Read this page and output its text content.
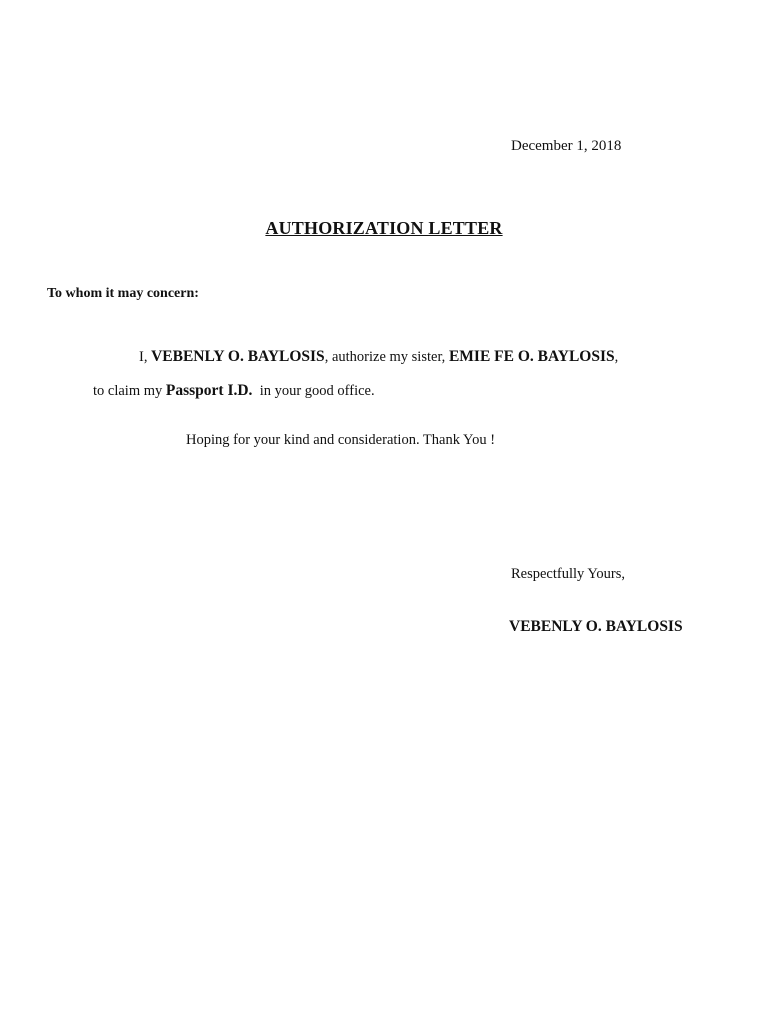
December 1, 2018
AUTHORIZATION LETTER
To whom it may concern:
I, VEBENLY O. BAYLOSIS, authorize my sister, EMIE FE O. BAYLOSIS,
to claim my Passport I.D.  in your good office.
Hoping for your kind and consideration. Thank You !
Respectfully Yours,
VEBENLY O. BAYLOSIS
